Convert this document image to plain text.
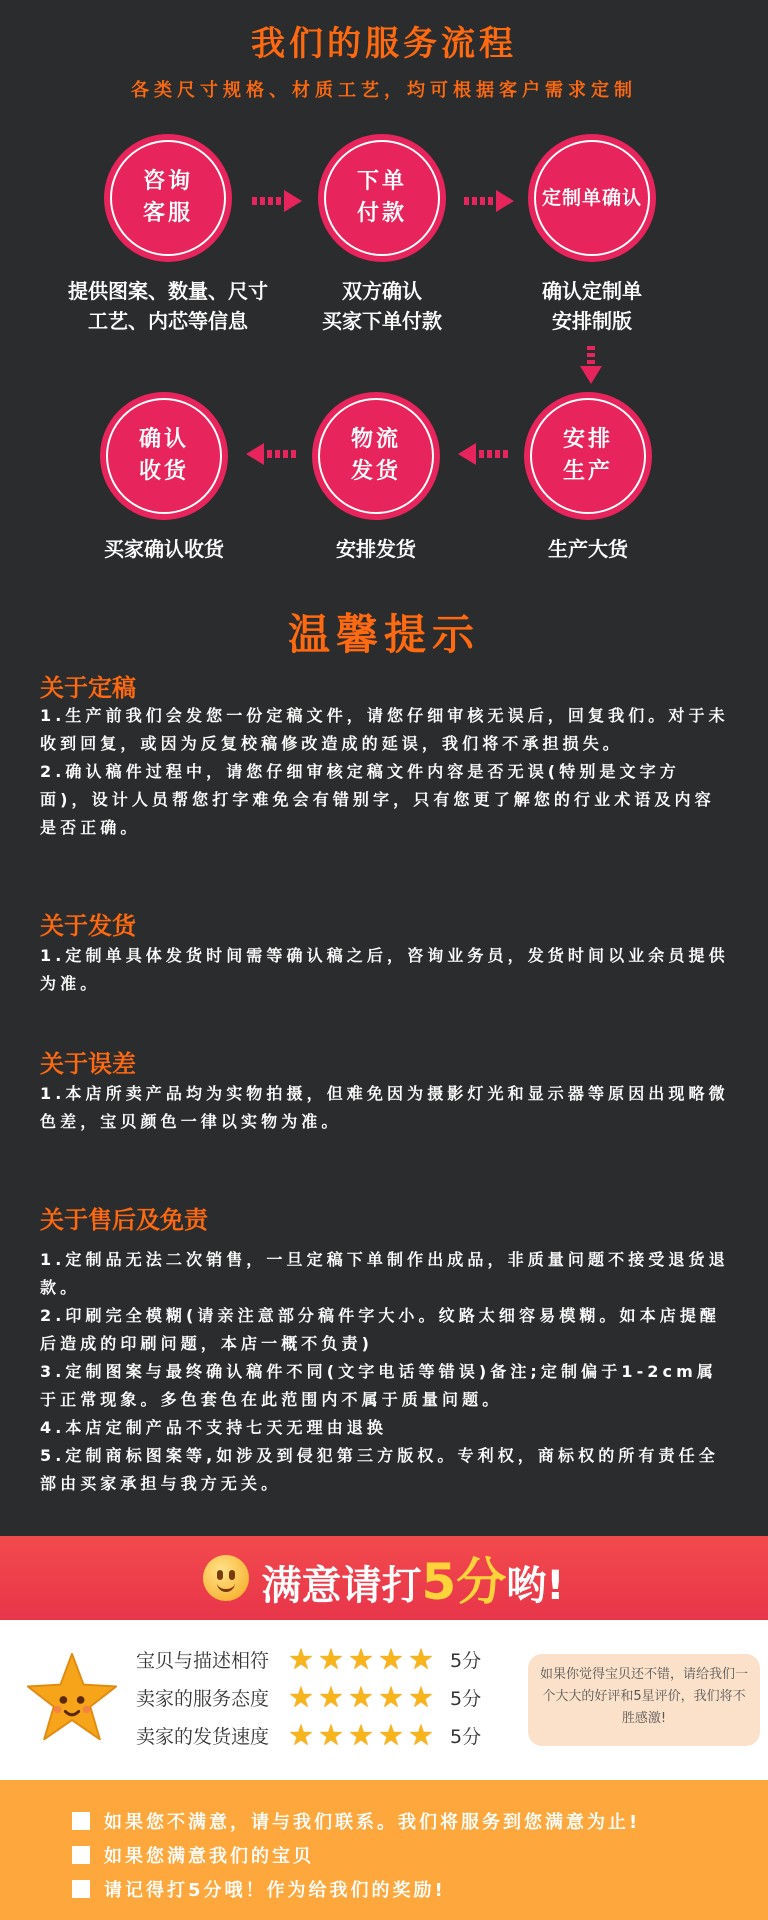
我们的服务流程
各类尺寸规格、材质工艺，均可根据客户需求定制
咨询
客服
提供图案、数量、尺寸
工艺、内芯等信息
下单
付款
双方确认
买家下单付款
定制单确认
确认定制单
安排制版
安排
生产
生产大货
物流
发货
安排发货
确认
收货
买家确认收货
温馨提示
关于定稿

1.生产前我们会发您一份定稿文件，请您仔细审核无误后，回复我们。对于未收到回复，或因为反复校稿修改造成的延误，我们将不承担损失。

2.确认稿件过程中，请您仔细审核定稿文件内容是否无误(特别是文字方面)，设计人员帮您打字难免会有错别字，只有您更了解您的行业术语及内容是否正确。

关于发货

1.定制单具体发货时间需等确认稿之后，咨询业务员，发货时间以业余员提供为准。

关于误差

1.本店所卖产品均为实物拍摄，但难免因为摄影灯光和显示器等原因出现略微色差，宝贝颜色一律以实物为准。

关于售后及免责

1.定制品无法二次销售，一旦定稿下单制作出成品，非质量问题不接受退货退款。

2.印刷完全模糊(请亲注意部分稿件字大小。纹路太细容易模糊。如本店提醒后造成的印刷问题，本店一概不负责)

3.定制图案与最终确认稿件不同(文字电话等错误)备注;定制偏于1-2cm属于正常现象。多色套色在此范围内不属于质量问题。

4.本店定制产品不支持七天无理由退换

5.定制商标图案等,如涉及到侵犯第三方版权。专利权，商标权的所有责任全部由买家承担与我方无关。

满意请打5分哟!
宝贝与描述相符 ★ ★ ★ ★ ★ 5分
卖家的服务态度 ★ ★ ★ ★ ★ 5分
卖家的发货速度 ★ ★ ★ ★ ★ 5分
如果你觉得宝贝还不错，请给我们一个大大的好评和5星评价，我们将不胜感激!
如果您不满意，请与我们联系。我们将服务到您满意为止!
如果您满意我们的宝贝
请记得打5分哦！作为给我们的奖励!
